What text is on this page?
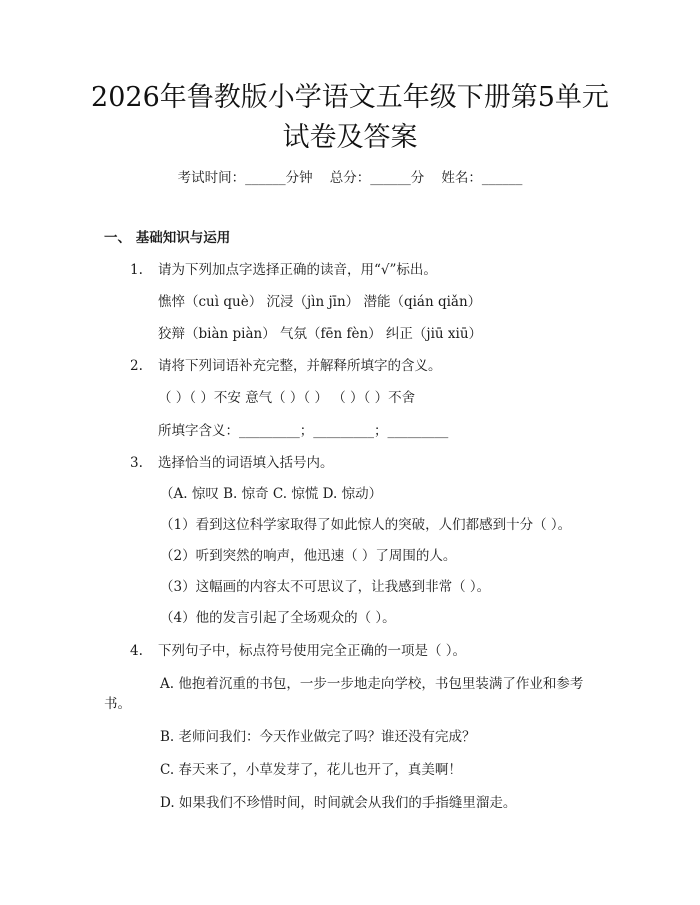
2026年鲁教版小学语文五年级下册第5单元
试卷及答案
考试时间：______分钟    总分：______分    姓名：______
一、 基础知识与运用
1. 请为下列加点字选择正确的读音，用“√”标出。
憔悴（cuì què） 沉浸（jìn jīn） 潜能（qián qiǎn）
狡辩（biàn piàn） 气氛（fēn fèn） 纠正（jiū xiū）
2. 请将下列词语补充完整，并解释所填字的含义。
（ ）（ ）不安 意气（ ）（ ） （ ）（ ）不舍
所填字含义：_________；_________；_________
3. 选择恰当的词语填入括号内。
（A. 惊叹 B. 惊奇 C. 惊慌 D. 惊动）
（1）看到这位科学家取得了如此惊人的突破，人们都感到十分（ ）。
（2）听到突然的响声，他迅速（ ）了周围的人。
（3）这幅画的内容太不可思议了，让我感到非常（ ）。
（4）他的发言引起了全场观众的（ ）。
4. 下列句子中，标点符号使用完全正确的一项是（ ）。
A. 他抱着沉重的书包，一步一步地走向学校，书包里装满了作业和参考
书。
B. 老师问我们：今天作业做完了吗？谁还没有完成？
C. 春天来了，小草发芽了，花儿也开了，真美啊！
D. 如果我们不珍惜时间，时间就会从我们的手指缝里溜走。
